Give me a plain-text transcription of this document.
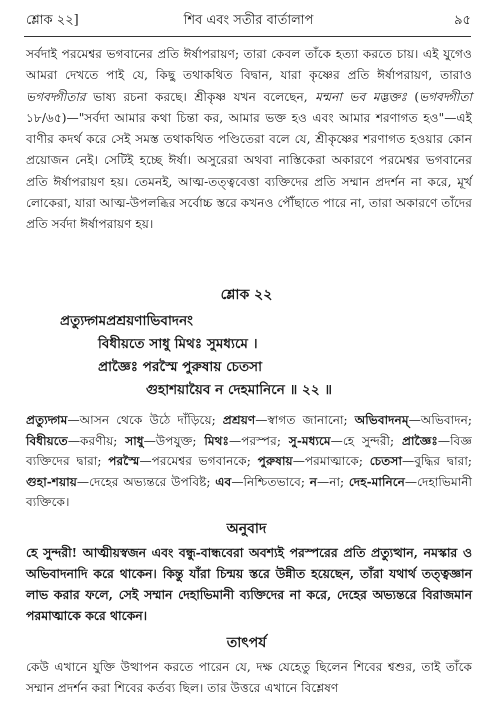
শ্লোক ২২]	শিব এবং সতীর বার্তালাপ	৯৫
সর্বদাই পরমেশ্বর ভগবানের প্রতি ঈর্ষাপরায়ণ; তারা কেবল তাঁকে হত্যা করতে চায়। এই যুগেও আমরা দেখতে পাই যে, কিছু তথাকথিত বিদ্বান, যারা কৃষ্ণের প্রতি ঈর্ষাপরায়ণ, তারাও ভগবদ্গীতার ভাষ্য রচনা করছে। শ্রীকৃষ্ণ যখন বলেছেন, মন্মনা ভব মদ্ভক্তঃ (ভগবদ্গীতা ১৮/৬৫)—"সর্বদা আমার কথা চিন্তা কর, আমার ভক্ত হও এবং আমার শরণাগত হও"—এই বাণীর কদর্থ করে সেই সমস্ত তথাকথিত পণ্ডিতেরা বলে যে, শ্রীকৃষ্ণের শরণাগত হওয়ার কোন প্রয়োজন নেই। সেটিই হচ্ছে ঈর্ষা। অসুরেরা অথবা নাস্তিকেরা অকারণে পরমেশ্বর ভগবানের প্রতি ঈর্ষাপরায়ণ হয়। তেমনই, আত্ম-তত্ত্ববেত্তা ব্যক্তিদের প্রতি সম্মান প্রদর্শন না করে, মূর্খ লোকেরা, যারা আত্ম-উপলব্ধির সর্বোচ্চ স্তরে কখনও পৌঁছাতে পারে না, তারা অকারণে তাঁদের প্রতি সর্বদা ঈর্ষাপরায়ণ হয়।
শ্লোক ২২
প্রত্যুদ্গমপ্রশ্রয়ণাভিবাদনং
বিধীয়তে সাধু মিথঃ সুমধ্যমে ।
প্রাজ্ঞৈঃ পরস্মৈ পুরুষায় চেতসা
গুহাশয়ায়ৈব ন দেহমানিনে ॥ ২২ ॥
প্রত্যুদ্গম—আসন থেকে উঠে দাঁড়িয়ে; প্রশ্রয়ণ—স্বাগত জানানো; অভিবাদনম্—অভিবাদন; বিধীয়তে—করণীয়; সাধু—উপযুক্ত; মিথঃ—পরস্পর; সু-মধ্যমে—হে সুন্দরী; প্রাজ্ঞৈঃ—বিজ্ঞ ব্যক্তিদের দ্বারা; পরস্মৈ—পরমেশ্বর ভগবানকে; পুরুষায়—পরমাত্মাকে; চেতসা—বুদ্ধির দ্বারা; গুহা-শয়ায়—দেহের অভ্যন্তরে উপবিষ্ট; এব—নিশ্চিতভাবে; ন—না; দেহ-মানিনে—দেহাভিমানী ব্যক্তিকে।
অনুবাদ
হে সুন্দরী! আত্মীয়স্বজন এবং বন্ধু-বান্ধবেরা অবশ্যই পরস্পরের প্রতি প্রত্যুত্থান, নমস্কার ও অভিবাদনাদি করে থাকেন। কিন্তু যাঁরা চিন্ময় স্তরে উন্নীত হয়েছেন, তাঁরা যথার্থ তত্ত্বজ্ঞান লাভ করার ফলে, সেই সম্মান দেহাভিমানী ব্যক্তিদের না করে, দেহের অভ্যন্তরে বিরাজমান পরমাত্মাকে করে থাকেন।
তাৎপর্য
কেউ এখানে যুক্তি উত্থাপন করতে পারেন যে, দক্ষ যেহেতু ছিলেন শিবের শ্বশুর, তাই তাঁকে সম্মান প্রদর্শন করা শিবের কর্তব্য ছিল। তার উত্তরে এখানে বিশ্লেষণ
